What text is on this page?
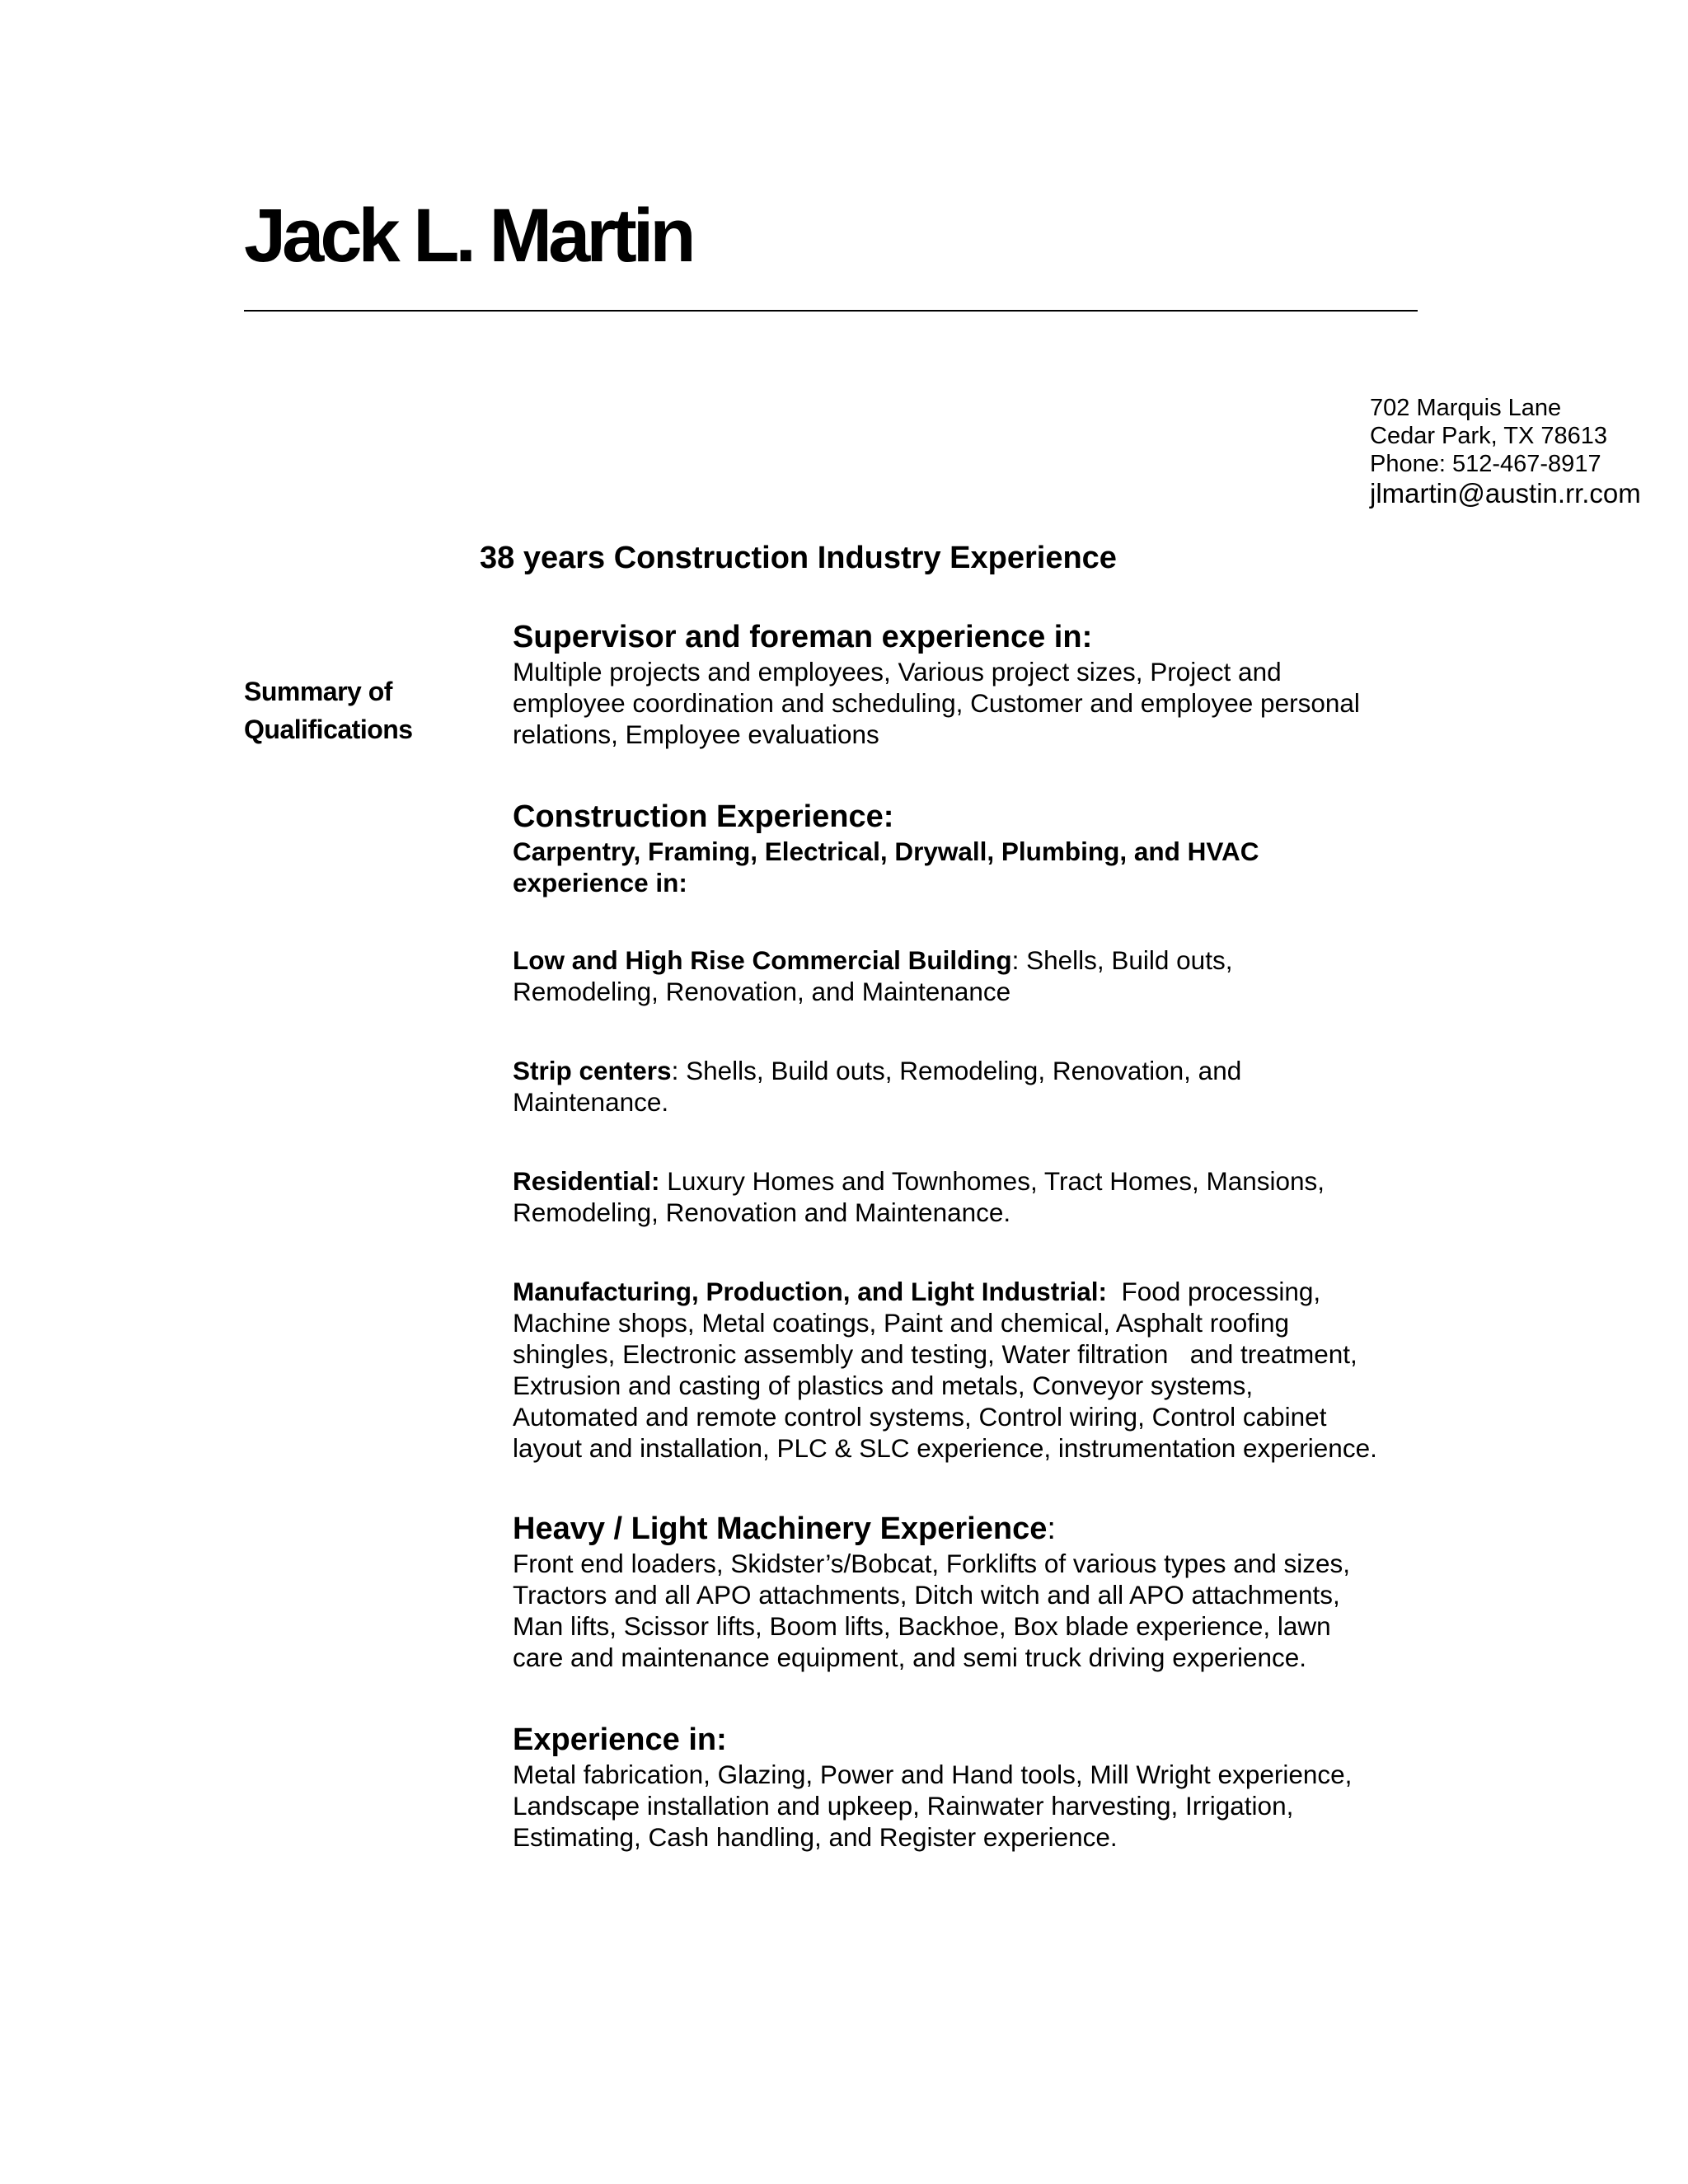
Jack L. Martin
702 Marquis Lane
Cedar Park, TX 78613
Phone: 512-467-8917
jlmartin@austin.rr.com
38 years Construction Industry Experience
Summary of
Qualifications
Supervisor and foreman experience in:

Multiple projects and employees, Various project sizes, Project and employee coordination and scheduling, Customer and employee personal relations, Employee evaluations

Construction Experience:

Carpentry, Framing, Electrical, Drywall, Plumbing, and HVAC experience in:

Low and High Rise Commercial Building: Shells, Build outs, Remodeling, Renovation, and Maintenance

Strip centers: Shells, Build outs, Remodeling, Renovation, and Maintenance.

Residential: Luxury Homes and Townhomes, Tract Homes, Mansions, Remodeling, Renovation and Maintenance.

Manufacturing, Production, and Light Industrial:  Food processing, Machine shops, Metal coatings, Paint and chemical, Asphalt roofing shingles, Electronic assembly and testing, Water filtration   and treatment, Extrusion and casting of plastics and metals, Conveyor systems, Automated and remote control systems, Control wiring, Control cabinet layout and installation, PLC & SLC experience, instrumentation experience.

Heavy / Light Machinery Experience:

Front end loaders, Skidster’s/Bobcat, Forklifts of various types and sizes, Tractors and all APO attachments, Ditch witch and all APO attachments, Man lifts, Scissor lifts, Boom lifts, Backhoe, Box blade experience, lawn care and maintenance equipment, and semi truck driving experience.

Experience in:

Metal fabrication, Glazing, Power and Hand tools, Mill Wright experience, Landscape installation and upkeep, Rainwater harvesting, Irrigation, Estimating, Cash handling, and Register experience.
